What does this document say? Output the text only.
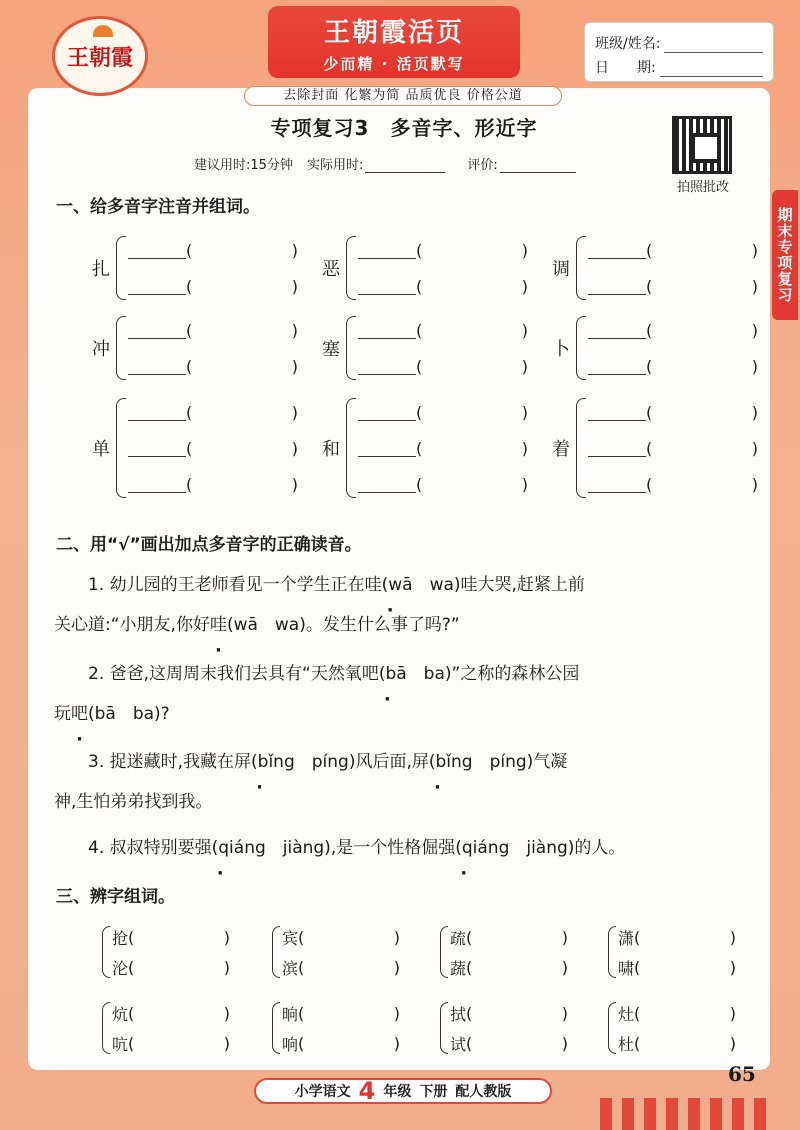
王朝霞
王朝霞活页
少而精 · 活页默写
班级/姓名:
日　　期:
去除封面 化繁为简 品质优良 价格公道
期末专项复习
专项复习3　多音字、形近字
建议用时:15分钟 实际用时:	评价:
拍照批改
一、给多音字注音并组词。
扎
(	)
(	)
恶
(	)
(	)
调
(	)
(	)
冲
(	)
(	)
塞
(	)
(	)
卜
(	)
(	)
单
(	)
(	)
(	)
和
(	)
(	)
(	)
着
(	)
(	)
(	)
二、用“√”画出加点多音字的正确读音。
1. 幼儿园的王老师看见一个学生正在哇(wā　wa)哇大哭,赶紧上前
关心道:“小朋友,你好哇(wā　wa)。发生什么事了吗?”
2. 爸爸,这周周末我们去具有“天然氧吧(bā　ba)”之称的森林公园
玩吧(bā　ba)?
3. 捉迷藏时,我藏在屏(bǐng　píng)风后面,屏(bǐng　píng)气凝
神,生怕弟弟找到我。
4. 叔叔特别要强(qiáng　jiàng),是一个性格倔强(qiáng　jiàng)的人。
三、辨字组词。
抢 (	)
沦 (	)
宾 (	)
滨 (	)
疏 (	)
蔬 (	)
潇 (	)
啸 (	)
炕 (	)
吭 (	)
晌 (	)
响 (	)
拭 (	)
试 (	)
灶 (	)
杜 (	)
65
小学语文 4 年级 下册 配人教版
